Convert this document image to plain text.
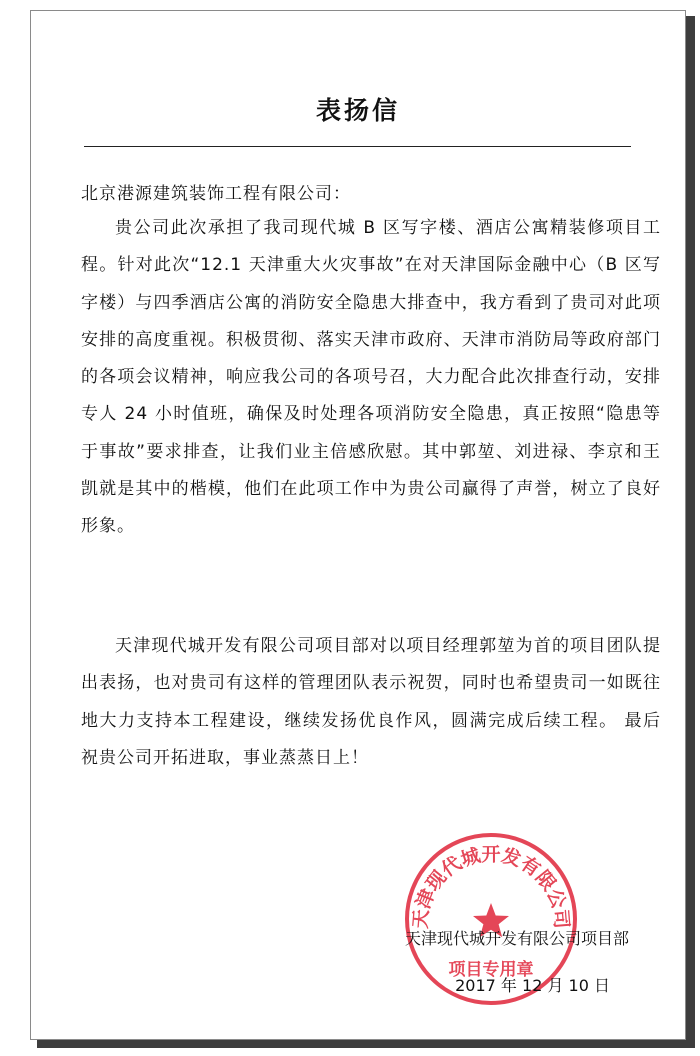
表扬信
北京港源建筑装饰工程有限公司：

贵公司此次承担了我司现代城 B 区写字楼、酒店公寓精装修项目工程。针对此次“12.1 天津重大火灾事故”在对天津国际金融中心（B 区写字楼）与四季酒店公寓的消防安全隐患大排查中，我方看到了贵司对此项安排的高度重视。积极贯彻、落实天津市政府、天津市消防局等政府部门的各项会议精神，响应我公司的各项号召，大力配合此次排查行动，安排专人 24 小时值班，确保及时处理各项消防安全隐患，真正按照“隐患等于事故”要求排查，让我们业主倍感欣慰。其中郭堃、刘进禄、李京和王凯就是其中的楷模，他们在此项工作中为贵公司赢得了声誉，树立了良好形象。

天津现代城开发有限公司项目部对以项目经理郭堃为首的项目团队提出表扬，也对贵司有这样的管理团队表示祝贺，同时也希望贵司一如既往地大力支持本工程建设，继续发扬优良作风，圆满完成后续工程。 最后祝贵公司开拓进取，事业蒸蒸日上！

天津现代城开发有限公司
项目专用章
天津现代城开发有限公司项目部
2017 年 12 月 10 日
